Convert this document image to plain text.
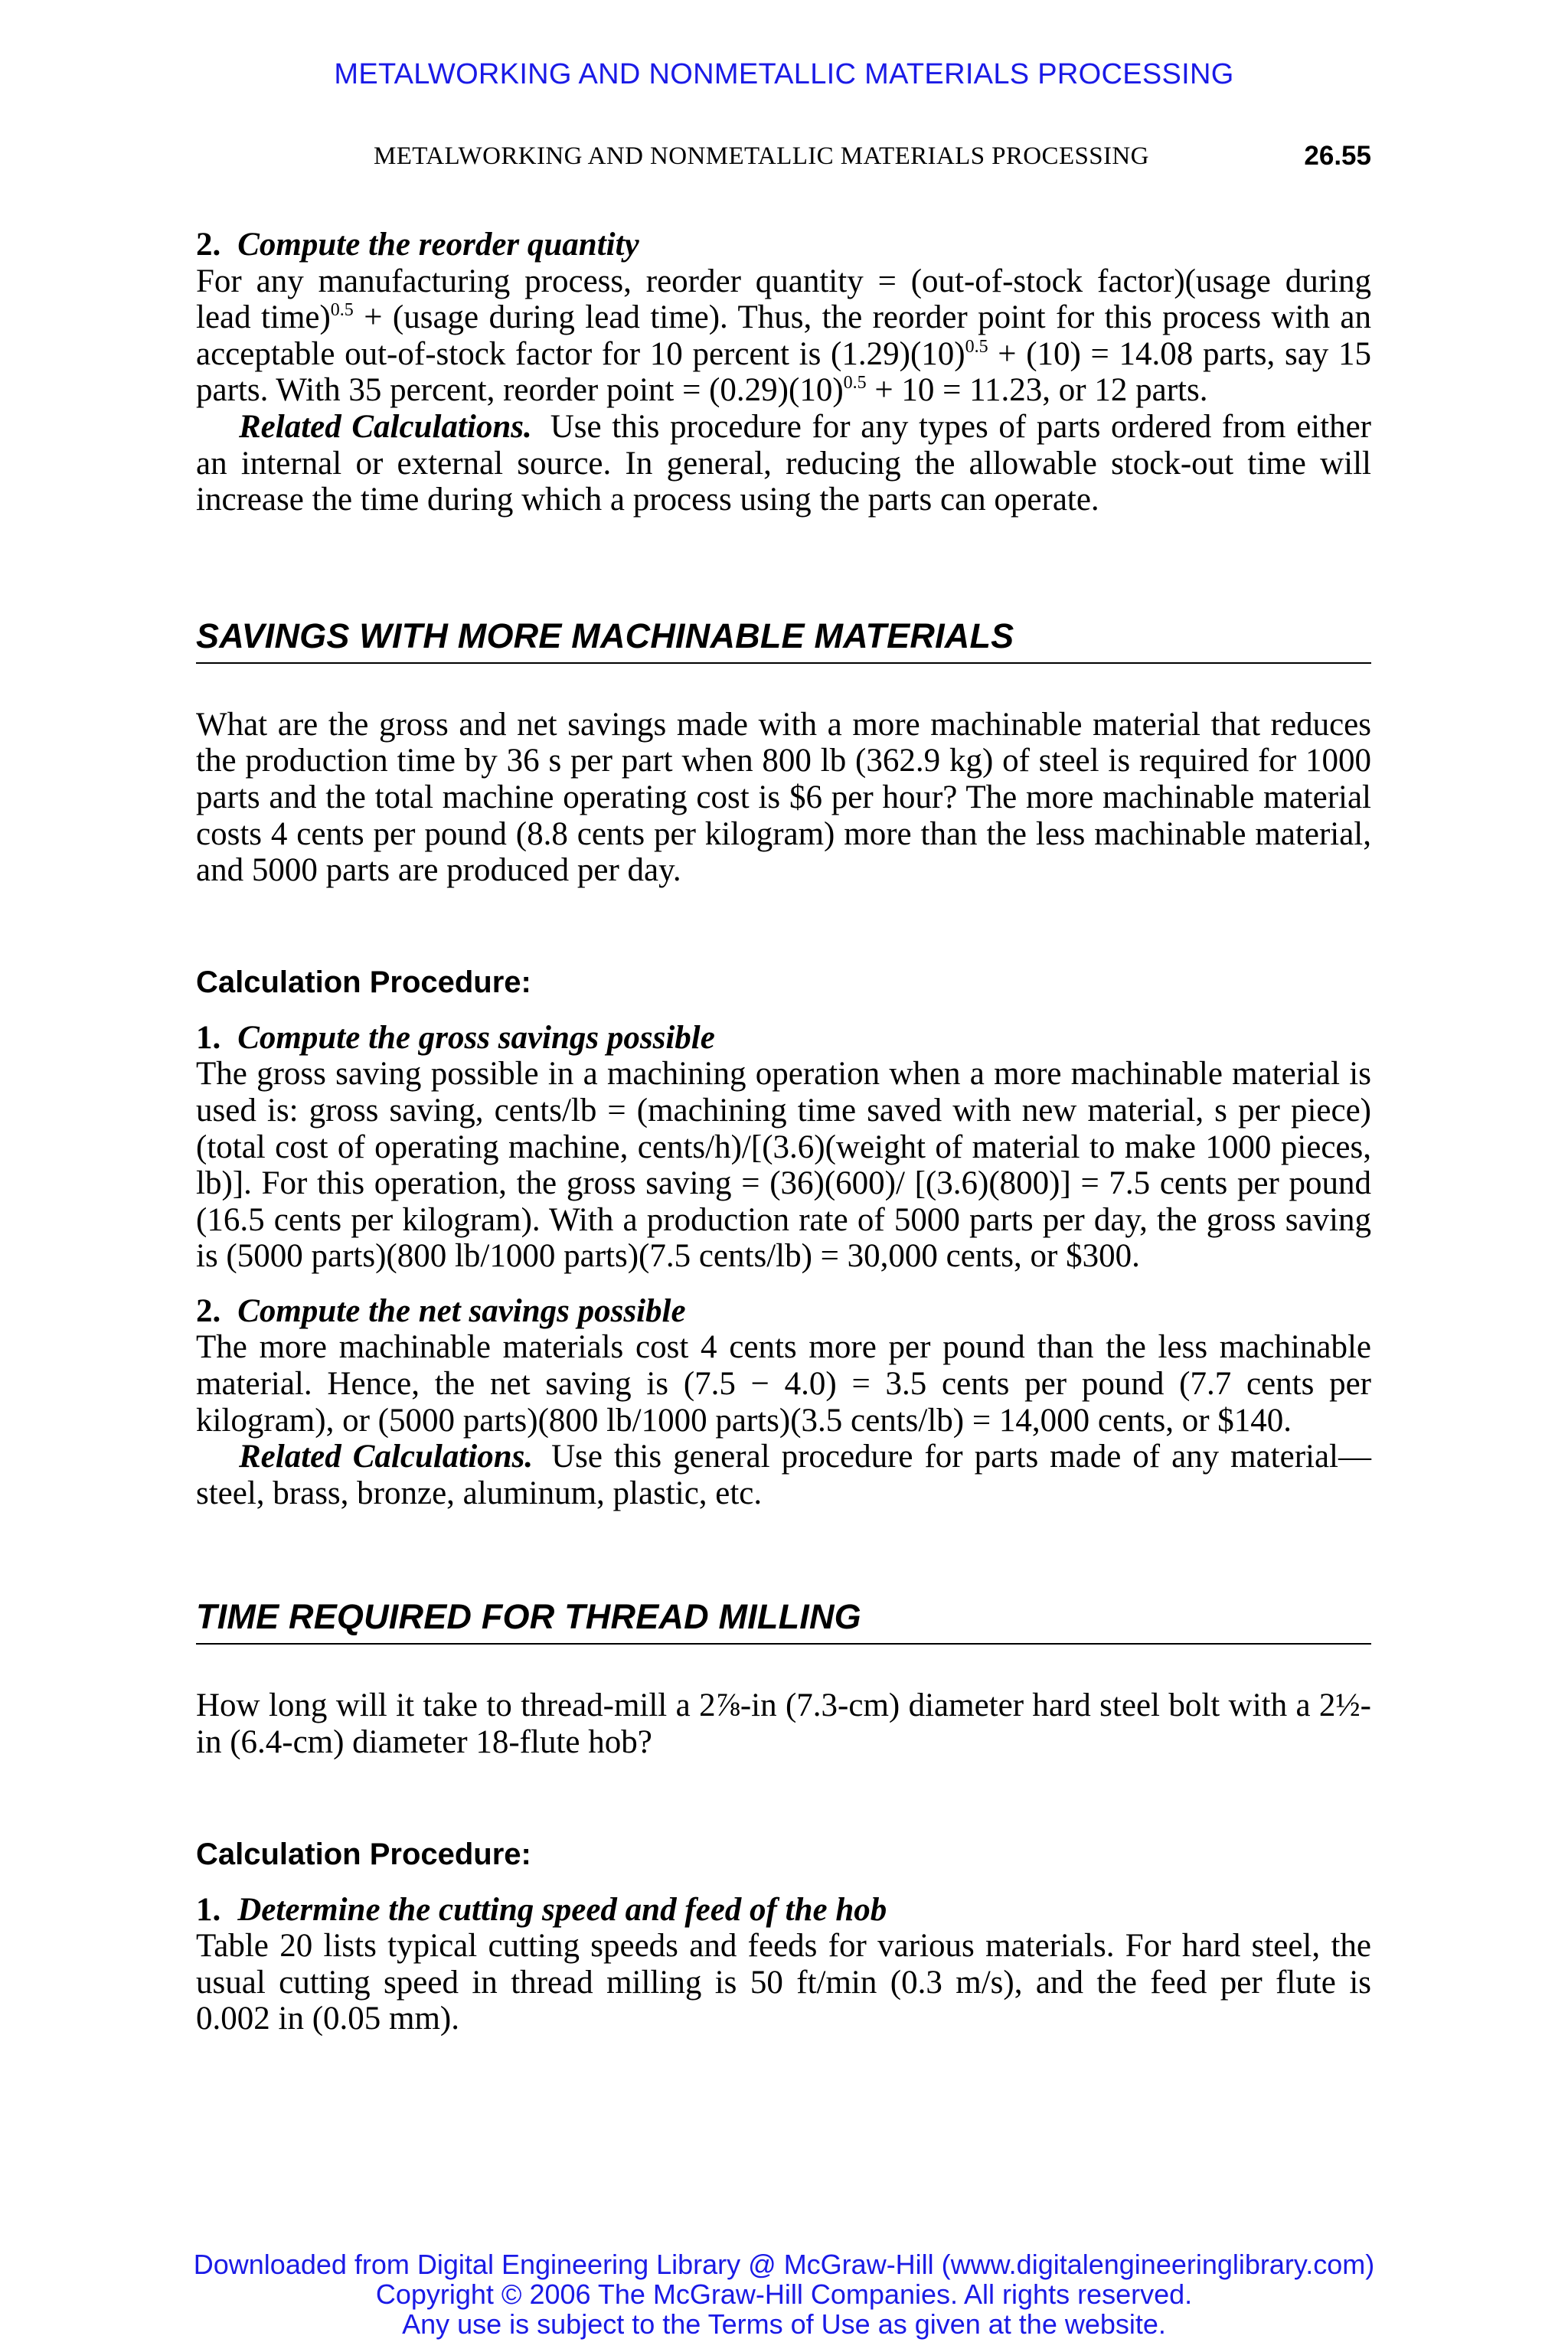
METALWORKING AND NONMETALLIC MATERIALS PROCESSING
METALWORKING AND NONMETALLIC MATERIALS PROCESSING	26.55

2. Compute the reorder quantity

For any manufacturing process, reorder quantity = (out-of-stock factor)(usage during lead time)$^{0.5}$ + (usage during lead time). Thus, the reorder point for this process with an acceptable out-of-stock factor for 10 percent is $(1.29)(10)^{0.5} + (10) = 14.08$ parts, say 15 parts. With 35 percent, reorder point = $(0.29)(10)^{0.5} + 10 = 11.23$, or 12 parts.

Related Calculations. Use this procedure for any types of parts ordered from either an internal or external source. In general, reducing the allowable stock-out time will increase the time during which a process using the parts can operate.

SAVINGS WITH MORE MACHINABLE MATERIALS

What are the gross and net savings made with a more machinable material that reduces the production time by 36 s per part when 800 lb (362.9 kg) of steel is required for 1000 parts and the total machine operating cost is $6 per hour? The more machinable material costs 4 cents per pound (8.8 cents per kilogram) more than the less machinable material, and 5000 parts are produced per day.

Calculation Procedure:

1. Compute the gross savings possible

The gross saving possible in a machining operation when a more machinable material is used is: gross saving, cents/lb = (machining time saved with new material, s per piece)(total cost of operating machine, cents/h)/[(3.6)(weight of material to make 1000 pieces, lb)]. For this operation, the gross saving = (36)(600)/ [(3.6)(800)] = 7.5 cents per pound (16.5 cents per kilogram). With a production rate of 5000 parts per day, the gross saving is (5000 parts)(800 lb/1000 parts)(7.5 cents/lb) = 30,000 cents, or $300.

2. Compute the net savings possible

The more machinable materials cost 4 cents more per pound than the less machinable material. Hence, the net saving is (7.5 − 4.0) = 3.5 cents per pound (7.7 cents per kilogram), or (5000 parts)(800 lb/1000 parts)(3.5 cents/lb) = 14,000 cents, or $140.

Related Calculations. Use this general procedure for parts made of any material—steel, brass, bronze, aluminum, plastic, etc.

TIME REQUIRED FOR THREAD MILLING

How long will it take to thread-mill a 2⅞-in (7.3-cm) diameter hard steel bolt with a 2½-in (6.4-cm) diameter 18-flute hob?

Calculation Procedure:

1. Determine the cutting speed and feed of the hob

Table 20 lists typical cutting speeds and feeds for various materials. For hard steel, the usual cutting speed in thread milling is 50 ft/min (0.3 m/s), and the feed per flute is 0.002 in (0.05 mm).

Downloaded from Digital Engineering Library @ McGraw-Hill (www.digitalengineeringlibrary.com)
Copyright © 2006 The McGraw-Hill Companies. All rights reserved.
Any use is subject to the Terms of Use as given at the website.
